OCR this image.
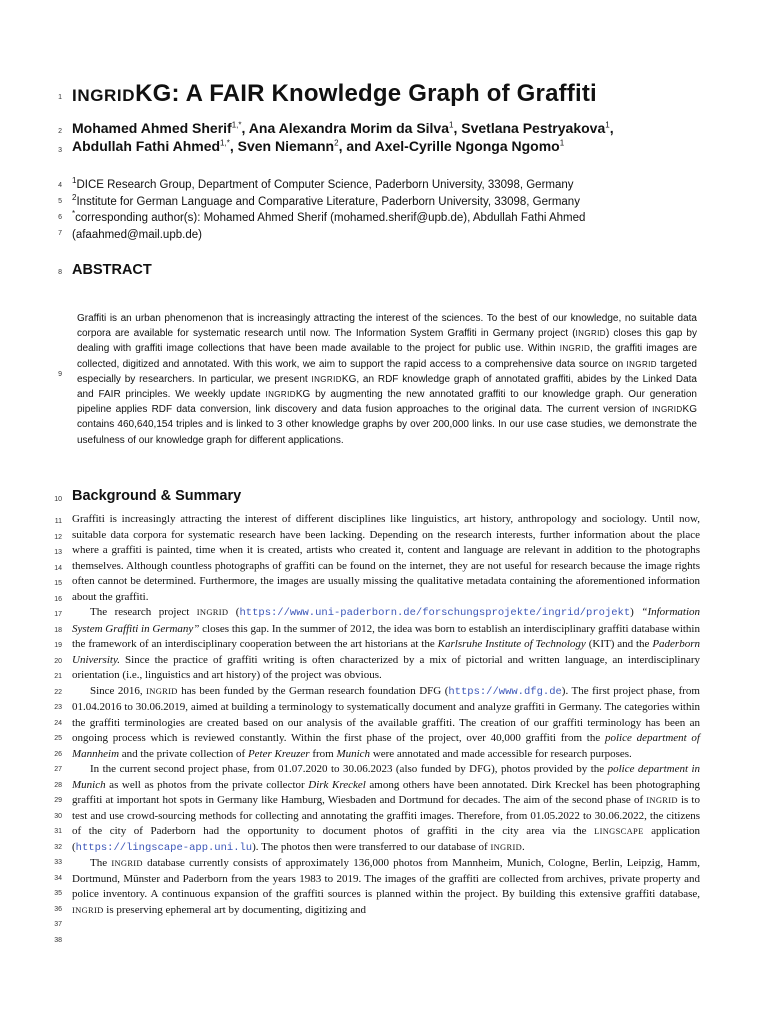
1
2
3
4
5
6
7
8
9
10
11
12
13
14
15
16
17
18
19
20
21
22
23
24
25
26
27
28
29
30
31
32
33
34
35
36
37
38
INGRIDKG: A FAIR Knowledge Graph of Graffiti
Mohamed Ahmed Sherif$^{1,*}$, Ana Alexandra Morim da Silva$^1$, Svetlana Pestryakova$^1$,
Abdullah Fathi Ahmed$^{1,*}$, Sven Niemann$^2$, and Axel-Cyrille Ngonga Ngomo$^1$
$^1$DICE Research Group, Department of Computer Science, Paderborn University, 33098, Germany
$^2$Institute for German Language and Comparative Literature, Paderborn University, 33098, Germany
*corresponding author(s): Mohamed Ahmed Sherif (mohamed.sherif@upb.de), Abdullah Fathi Ahmed
(afaahmed@mail.upb.de)
ABSTRACT
Graffiti is an urban phenomenon that is increasingly attracting the interest of the sciences. To the best of our knowledge, no suitable data corpora are available for systematic research until now. The Information System Graffiti in Germany project (INGRID) closes this gap by dealing with graffiti image collections that have been made available to the project for public use. Within INGRID, the graffiti images are collected, digitized and annotated. With this work, we aim to support the rapid access to a comprehensive data source on INGRID targeted especially by researchers. In particular, we present INGRIDKG, an RDF knowledge graph of annotated graffiti, abides by the Linked Data and FAIR principles. We weekly update INGRIDKG by augmenting the new annotated graffiti to our knowledge graph. Our generation pipeline applies RDF data conversion, link discovery and data fusion approaches to the original data. The current version of INGRIDKG contains 460,640,154 triples and is linked to 3 other knowledge graphs by over 200,000 links. In our use case studies, we demonstrate the usefulness of our knowledge graph for different applications.
Background & Summary

Graffiti is increasingly attracting the interest of different disciplines like linguistics, art history, anthropology and sociology. Until now, suitable data corpora for systematic research have been lacking. Depending on the research interests, further information about the place where a graffiti is painted, time when it is created, artists who created it, content and language are relevant in addition to the photographs themselves. Although countless photographs of graffiti can be found on the internet, they are not useful for research because the image rights often cannot be determined. Furthermore, the images are usually missing the qualitative metadata containing the aforementioned information about the graffiti.

The research project INGRID (https://www.uni-paderborn.de/forschungsprojekte/ingrid/projekt) “Information System Graffiti in Germany” closes this gap. In the summer of 2012, the idea was born to establish an interdisciplinary graffiti database within the framework of an interdisciplinary cooperation between the art historians at the Karlsruhe Institute of Technology (KIT) and the Paderborn University. Since the practice of graffiti writing is often characterized by a mix of pictorial and written language, an interdisciplinary orientation (i.e., linguistics and art history) of the project was obvious.

Since 2016, INGRID has been funded by the German research foundation DFG (https://www.dfg.de). The first project phase, from 01.04.2016 to 30.06.2019, aimed at building a terminology to systematically document and analyze graffiti in Germany. The categories within the graffiti terminologies are created based on our analysis of the available graffiti. The creation of our graffiti terminology has been an ongoing process which is reviewed constantly. Within the first phase of the project, over 40,000 graffiti from the police department of Mannheim and the private collection of Peter Kreuzer from Munich were annotated and made accessible for research purposes.

In the current second project phase, from 01.07.2020 to 30.06.2023 (also funded by DFG), photos provided by the police department in Munich as well as photos from the private collector Dirk Kreckel among others have been annotated. Dirk Kreckel has been photographing graffiti at important hot spots in Germany like Hamburg, Wiesbaden and Dortmund for decades. The aim of the second phase of INGRID is to test and use crowd-sourcing methods for collecting and annotating the graffiti images. Therefore, from 01.05.2022 to 30.06.2022, the citizens of the city of Paderborn had the opportunity to document photos of graffiti in the city area via the LINGSCAPE application (https://lingscape-app.uni.lu). The photos then were transferred to our database of INGRID.

The INGRID database currently consists of approximately 136,000 photos from Mannheim, Munich, Cologne, Berlin, Leipzig, Hamm, Dortmund, Münster and Paderborn from the years 1983 to 2019. The images of the graffiti are collected from archives, private property and police inventory. A continuous expansion of the graffiti sources is planned within the project. By building this extensive graffiti database, INGRID is preserving ephemeral art by documenting, digitizing and
